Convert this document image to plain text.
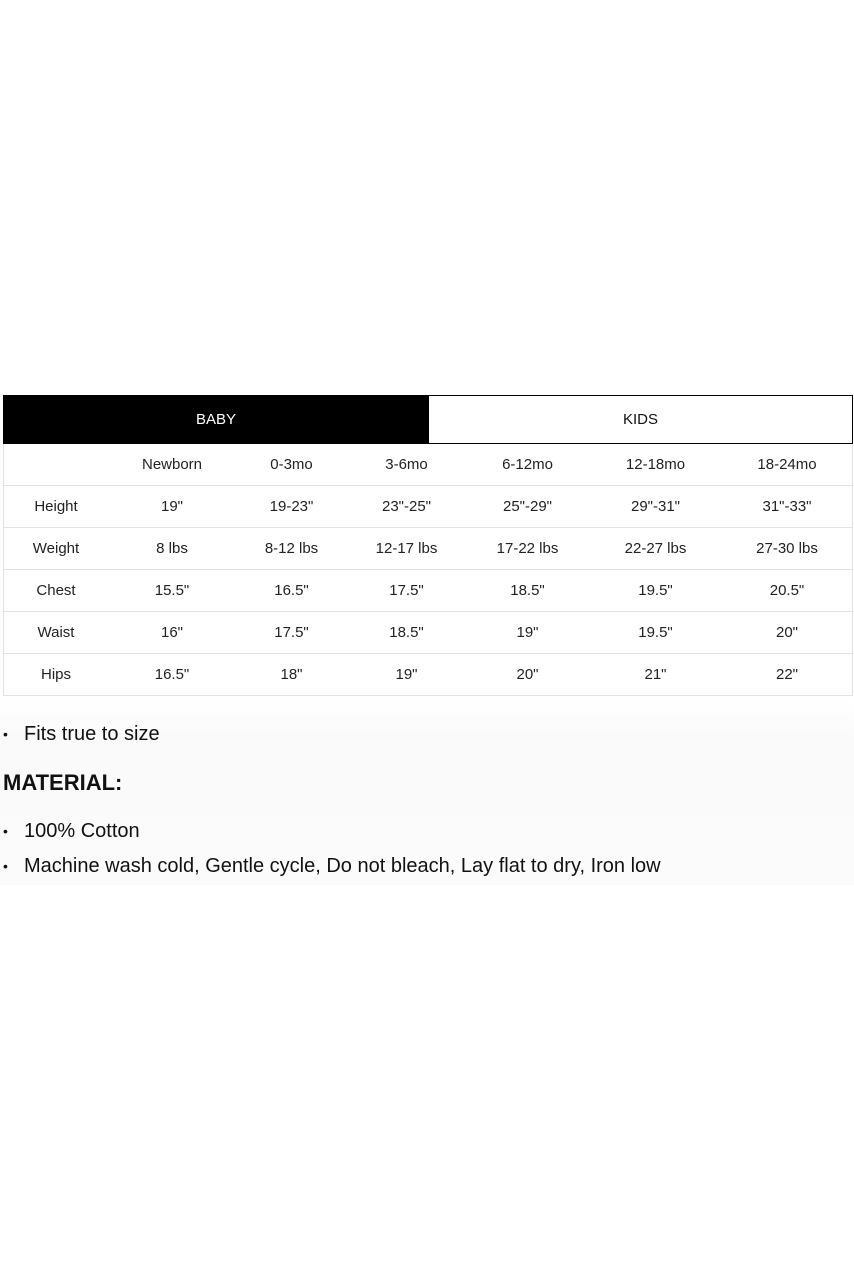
BABY	KIDS
	Newborn	0-3mo	3-6mo	6-12mo	12-18mo	18-24mo
Height	19"	19-23"	23"-25"	25"-29"	29"-31"	31"-33"
Weight	8 lbs	8-12 lbs	12-17 lbs	17-22 lbs	22-27 lbs	27-30 lbs
Chest	15.5"	16.5"	17.5"	18.5"	19.5"	20.5"
Waist	16"	17.5"	18.5"	19"	19.5"	20"
Hips	16.5"	18"	19"	20"	21"	22"
• Fits true to size
MATERIAL:
• 100% Cotton
• Machine wash cold, Gentle cycle, Do not bleach, Lay flat to dry, Iron low
